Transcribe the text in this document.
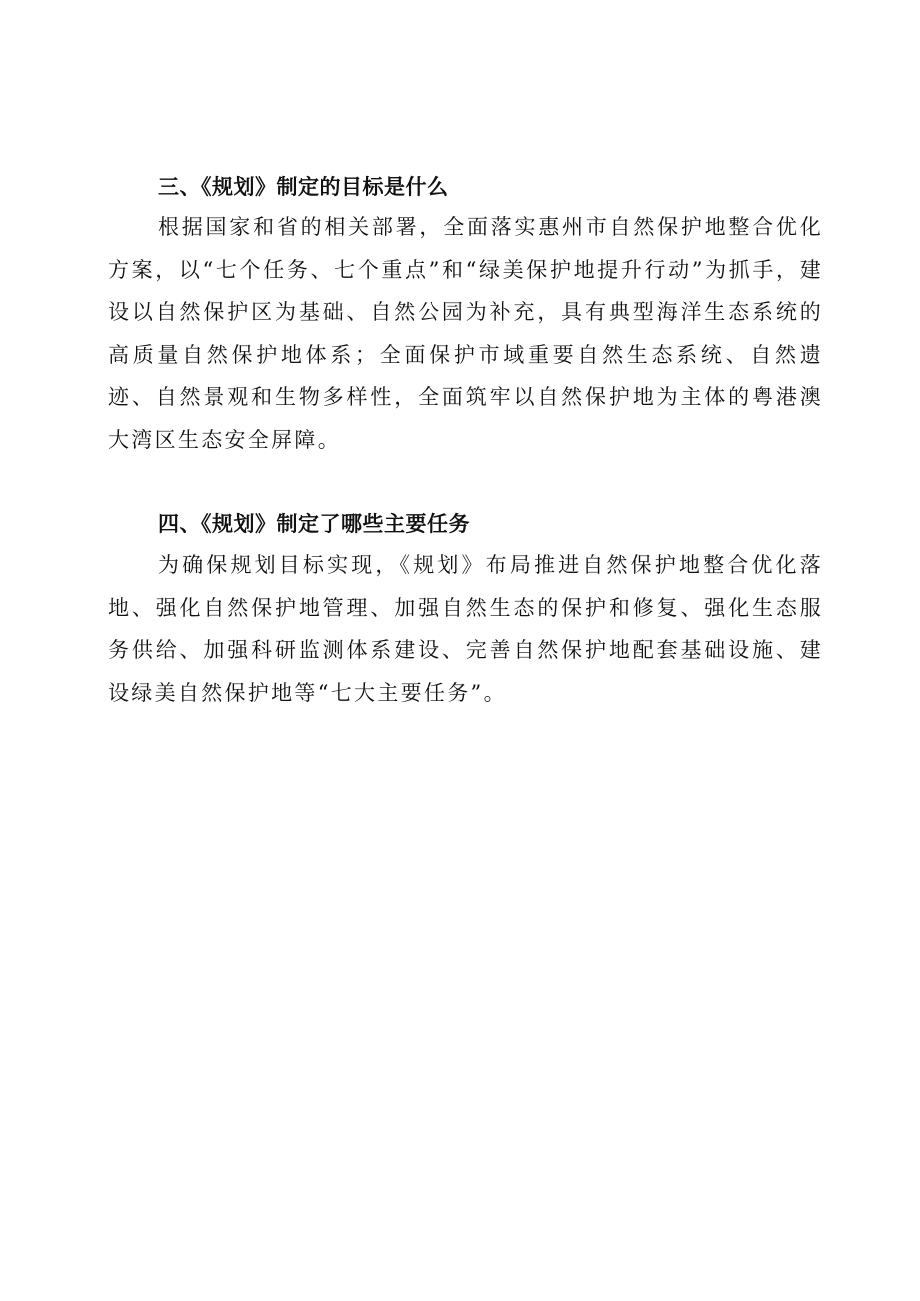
三、《规划》制定的目标是什么

根据国家和省的相关部署，全面落实惠州市自然保护地整合优化方案，以“七个任务、七个重点”和“绿美保护地提升行动”为抓手，建设以自然保护区为基础、自然公园为补充，具有典型海洋生态系统的高质量自然保护地体系；全面保护市域重要自然生态系统、自然遗迹、自然景观和生物多样性，全面筑牢以自然保护地为主体的粤港澳大湾区生态安全屏障。

四、《规划》制定了哪些主要任务

为确保规划目标实现，《规划》布局推进自然保护地整合优化落地、强化自然保护地管理、加强自然生态的保护和修复、强化生态服务供给、加强科研监测体系建设、完善自然保护地配套基础设施、建设绿美自然保护地等“七大主要任务”。
